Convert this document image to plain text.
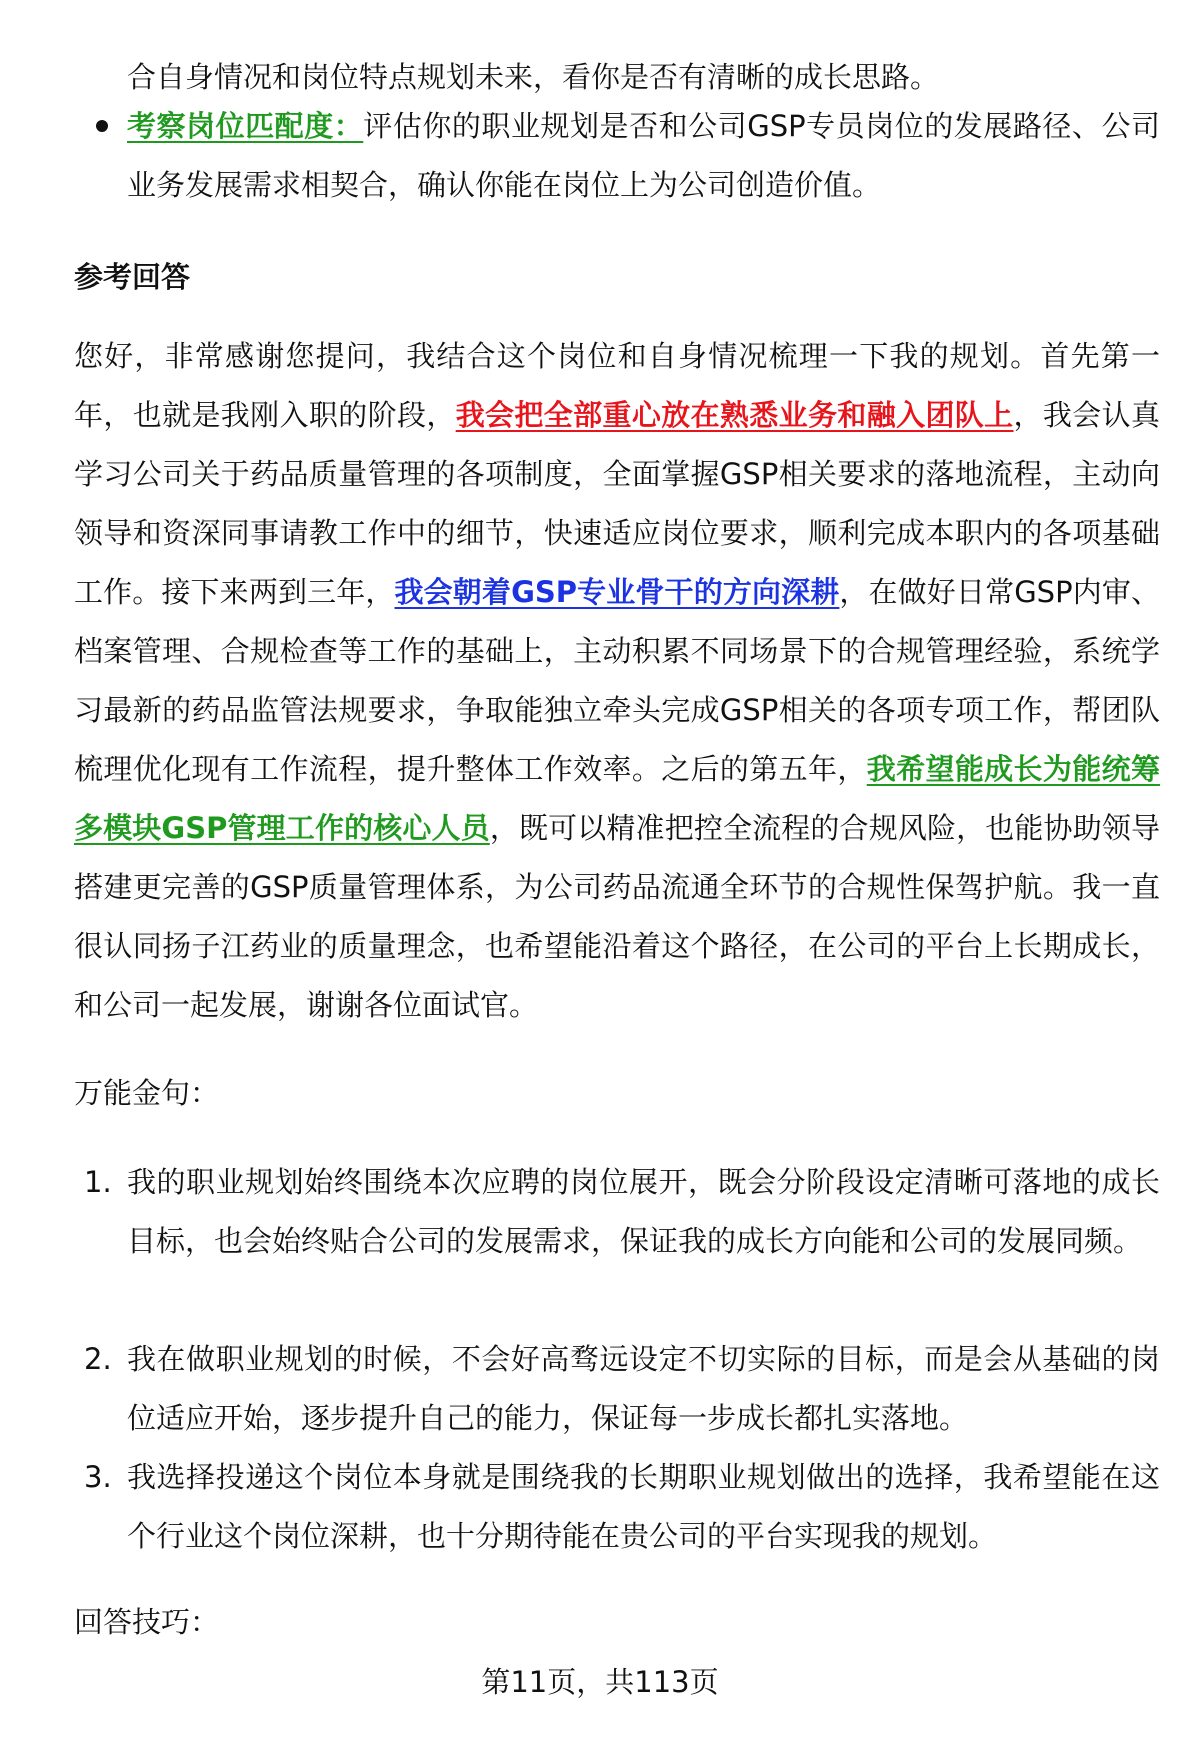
合自身情况和岗位特点规划未来，看你是否有清晰的成长思路。
考察岗位匹配度：评估你的职业规划是否和公司GSP专员岗位的发展路径、公司业务发展需求相契合，确认你能在岗位上为公司创造价值。
参考回答
您好，非常感谢您提问，我结合这个岗位和自身情况梳理一下我的规划。首先第一年，也就是我刚入职的阶段，我会把全部重心放在熟悉业务和融入团队上，我会认真学习公司关于药品质量管理的各项制度，全面掌握GSP相关要求的落地流程，主动向领导和资深同事请教工作中的细节，快速适应岗位要求，顺利完成本职内的各项基础工作。接下来两到三年，我会朝着GSP专业骨干的方向深耕，在做好日常GSP内审、档案管理、合规检查等工作的基础上，主动积累不同场景下的合规管理经验，系统学习最新的药品监管法规要求，争取能独立牵头完成GSP相关的各项专项工作，帮团队梳理优化现有工作流程，提升整体工作效率。之后的第五年，我希望能成长为能统筹多模块GSP管理工作的核心人员，既可以精准把控全流程的合规风险，也能协助领导搭建更完善的GSP质量管理体系，为公司药品流通全环节的合规性保驾护航。我一直很认同扬子江药业的质量理念，也希望能沿着这个路径，在公司的平台上长期成长，和公司一起发展，谢谢各位面试官。
万能金句：
1. 我的职业规划始终围绕本次应聘的岗位展开，既会分阶段设定清晰可落地的成长目标，也会始终贴合公司的发展需求，保证我的成长方向能和公司的发展同频。
2. 我在做职业规划的时候，不会好高骛远设定不切实际的目标，而是会从基础的岗位适应开始，逐步提升自己的能力，保证每一步成长都扎实落地。
3. 我选择投递这个岗位本身就是围绕我的长期职业规划做出的选择，我希望能在这个行业这个岗位深耕，也十分期待能在贵公司的平台实现我的规划。
回答技巧：
第11页，共113页
